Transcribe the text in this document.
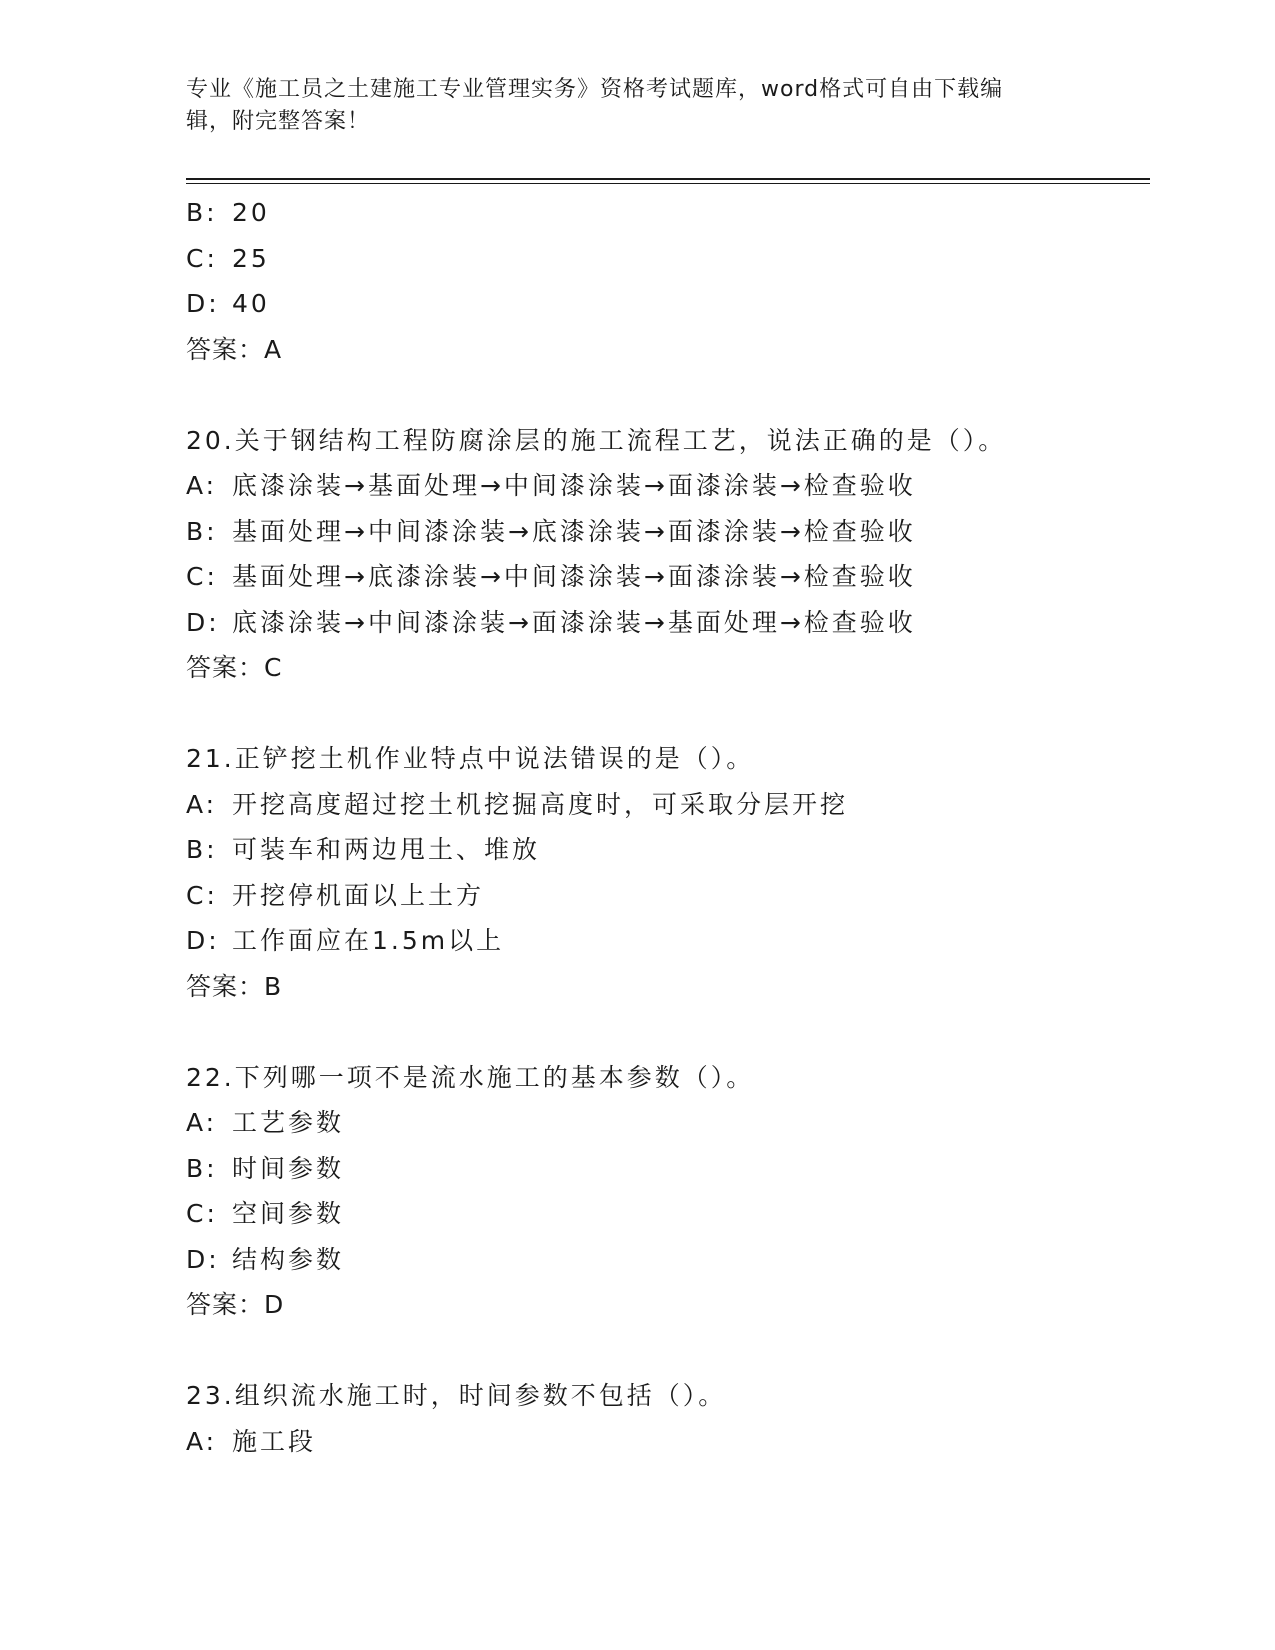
专业《施工员之土建施工专业管理实务》资格考试题库，word格式可自由下载编
辑，附完整答案！
B: 20
C: 25
D: 40
答案：A
20.关于钢结构工程防腐涂层的施工流程工艺，说法正确的是（）。
A: 底漆涂装→基面处理→中间漆涂装→面漆涂装→检查验收
B: 基面处理→中间漆涂装→底漆涂装→面漆涂装→检查验收
C: 基面处理→底漆涂装→中间漆涂装→面漆涂装→检查验收
D: 底漆涂装→中间漆涂装→面漆涂装→基面处理→检查验收
答案：C
21.正铲挖土机作业特点中说法错误的是（）。
A: 开挖高度超过挖土机挖掘高度时，可采取分层开挖
B: 可装车和两边甩土、堆放
C: 开挖停机面以上土方
D: 工作面应在1.5m以上
答案：B
22.下列哪一项不是流水施工的基本参数（）。
A: 工艺参数
B: 时间参数
C: 空间参数
D: 结构参数
答案：D
23.组织流水施工时，时间参数不包括（）。
A: 施工段
